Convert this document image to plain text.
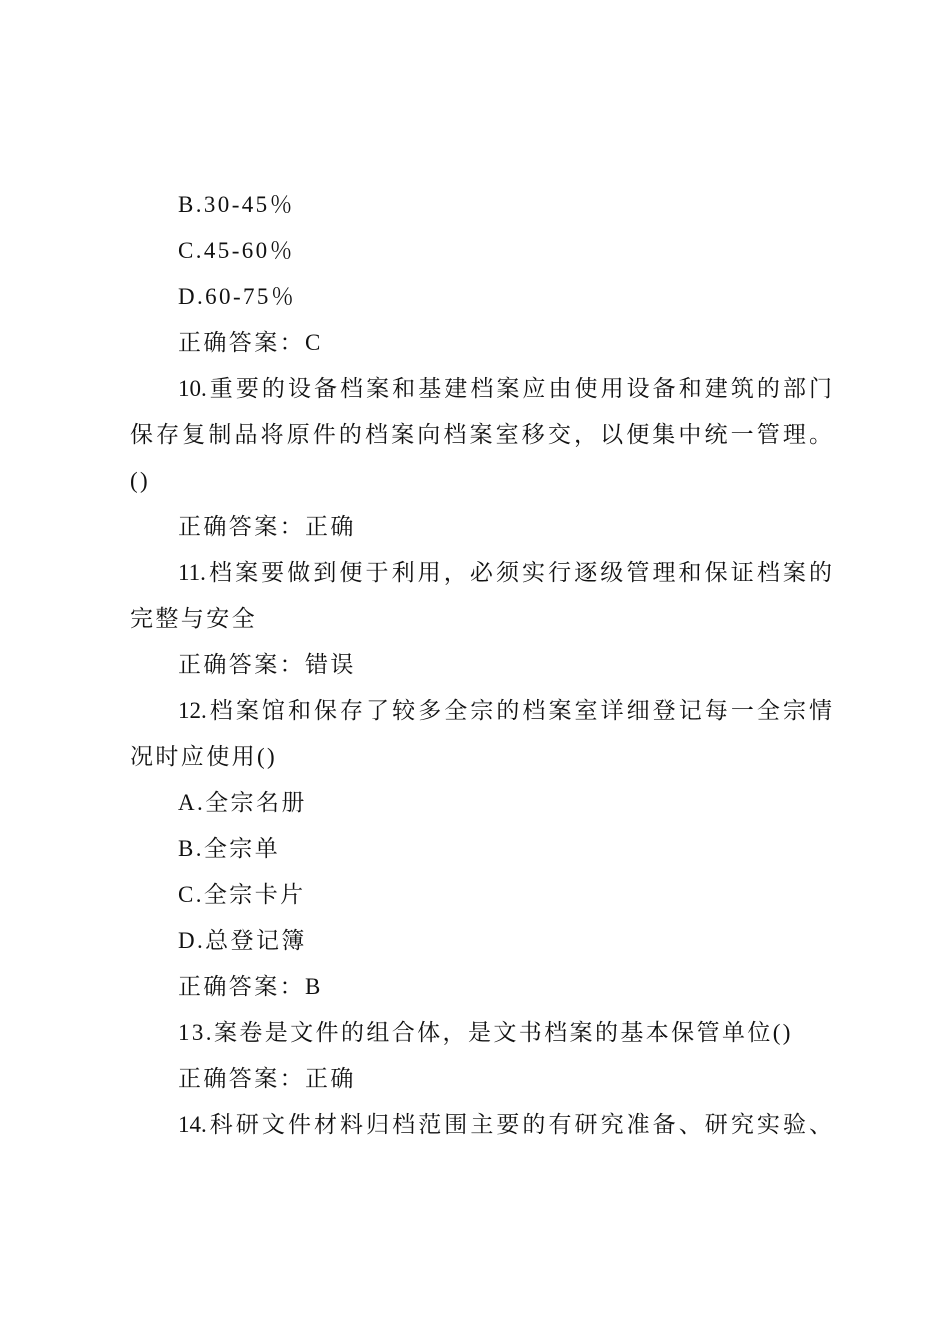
B.30-45％

C.45-60％

D.60-75％

正确答案：C

10.重要的设备档案和基建档案应由使用设备和建筑的部门

保存复制品将原件的档案向档案室移交，以便集中统一管理。

()

正确答案：正确

11.档案要做到便于利用，必须实行逐级管理和保证档案的

完整与安全

正确答案：错误

12.档案馆和保存了较多全宗的档案室详细登记每一全宗情

况时应使用()

A.全宗名册

B.全宗单

C.全宗卡片

D.总登记簿

正确答案：B

13.案卷是文件的组合体，是文书档案的基本保管单位()

正确答案：正确

14.科研文件材料归档范围主要的有研究准备、研究实验、
